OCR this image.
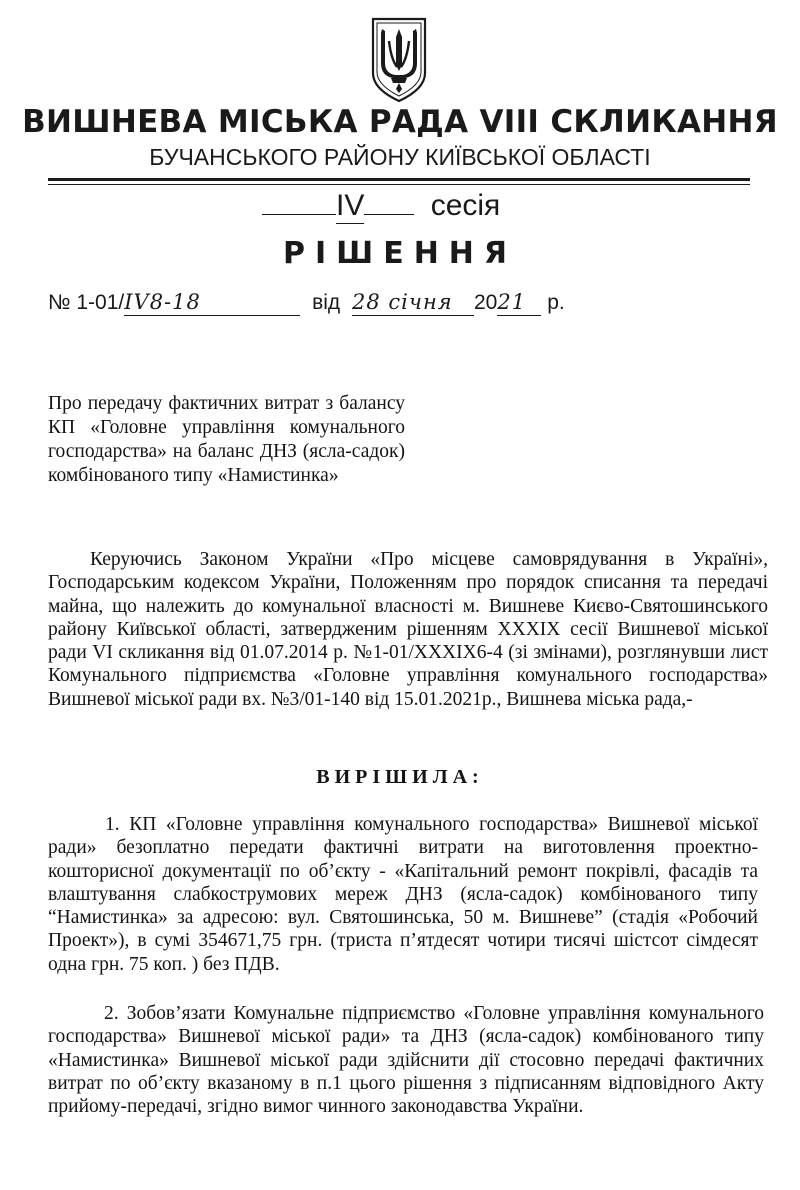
ВИШНЕВА МІСЬКА РАДА VIII СКЛИКАННЯ
БУЧАНСЬКОГО РАЙОНУ КИЇВСЬКОЇ ОБЛАСТІ
IV сесія
РІШЕННЯ
№ 1-01/IV8-18	від 28 січня 2021 р.
Про передачу фактичних витрат з балансу КП «Головне управління комунального господарства» на баланс ДНЗ (ясла-садок) комбінованого типу «Намистинка»

Керуючись Законом України «Про місцеве самоврядування в Україні», Господарським кодексом України, Положенням про порядок списання та передачі майна, що належить до комунальної власності м. Вишневе Києво-Святошинського району Київської області, затвердженим рішенням XXXIX сесії Вишневої міської ради VI скликання від 01.07.2014 р. №1-01/XXXIX6-4 (зі змінами), розглянувши лист Комунального підприємства «Головне управління комунального господарства» Вишневої міської ради вх. №3/01-140 від 15.01.2021р., Вишнева міська рада,-

ВИРІШИЛА:

1. КП «Головне управління комунального господарства» Вишневої міської ради» безоплатно передати фактичні витрати на виготовлення проектно-кошторисної документації по об’єкту - «Капітальний ремонт покрівлі, фасадів та влаштування слабкострумових мереж ДНЗ (ясла-садок) комбінованого типу “Намистинка» за адресою: вул. Святошинська, 50 м. Вишневе” (стадія «Робочий Проект»), в сумі 354671,75 грн. (триста п’ятдесят чотири тисячі шістсот сімдесят одна грн. 75 коп. ) без ПДВ.

2. Зобов’язати Комунальне підприємство «Головне управління комунального господарства» Вишневої міської ради» та ДНЗ (ясла-садок) комбінованого типу «Намистинка» Вишневої міської ради здійснити дії стосовно передачі фактичних витрат по об’єкту вказаному в п.1 цього рішення з підписанням відповідного Акту прийому-передачі, згідно вимог чинного законодавства України.
